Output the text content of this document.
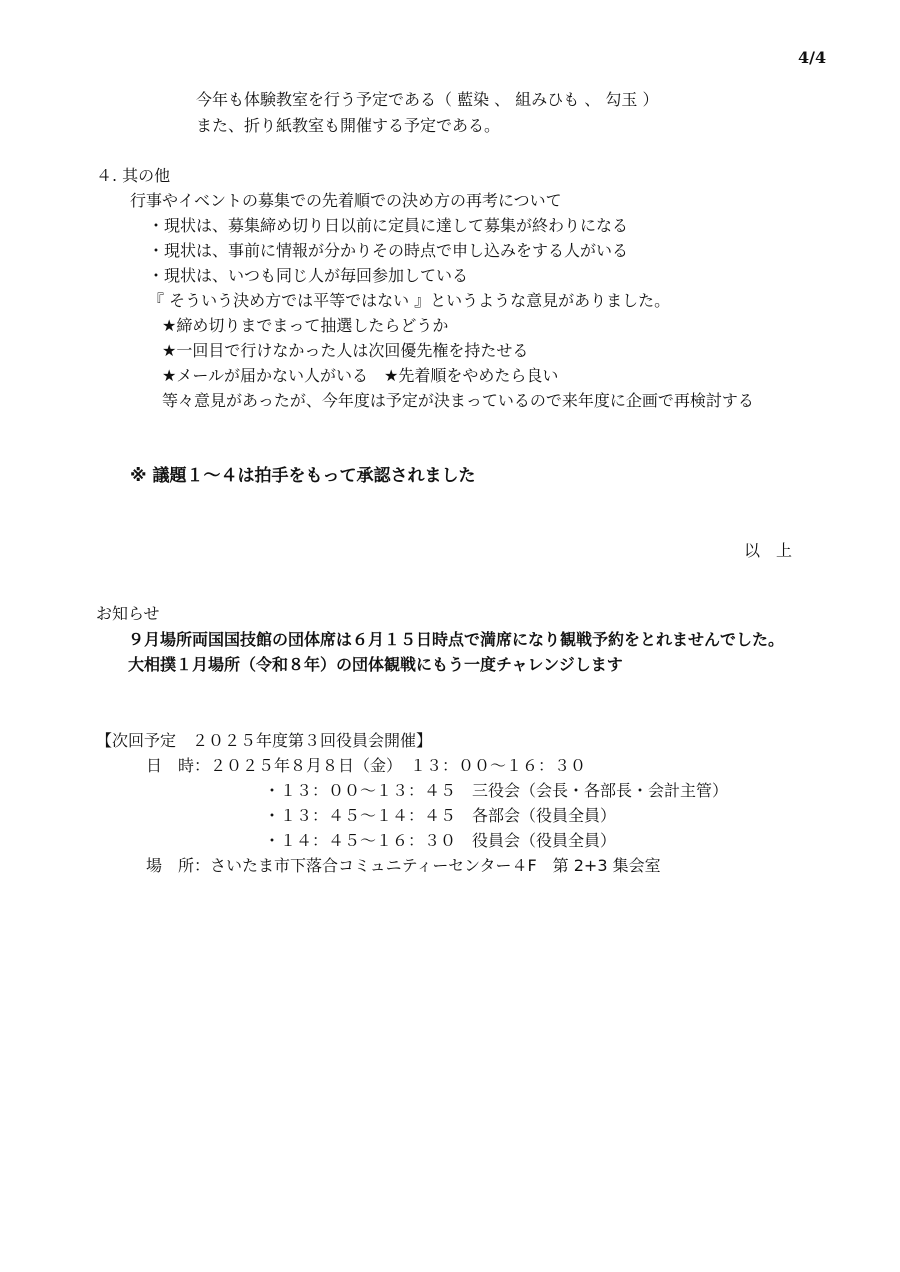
4/4
今年も体験教室を行う予定である（ 藍染 、 組みひも 、 勾玉 ）
また、折り紙教室も開催する予定である。
４. 其の他
行事やイベントの募集での先着順での決め方の再考について
・現状は、募集締め切り日以前に定員に達して募集が終わりになる
・現状は、事前に情報が分かりその時点で申し込みをする人がいる
・現状は、いつも同じ人が毎回参加している
『 そういう決め方では平等ではない 』というような意見がありました。
★締め切りまでまって抽選したらどうか
★一回目で行けなかった人は次回優先権を持たせる
★メールが届かない人がいる　★先着順をやめたら良い
等々意見があったが、今年度は予定が決まっているので来年度に企画で再検討する
※ 議題１～４は拍手をもって承認されました
以　上
お知らせ
９月場所両国国技館の団体席は６月１５日時点で満席になり観戦予約をとれませんでした。
大相撲１月場所（令和８年）の団体観戦にもう一度チャレンジします
【次回予定　２０２５年度第３回役員会開催】
日　時：２０２５年８月８日（金）　１３：００～１６：３０
・１３：００～１３：４５　三役会（会長・各部長・会計主管）
・１３：４５～１４：４５　各部会（役員全員）
・１４：４５～１６：３０　役員会（役員全員）
場　所：さいたま市下落合コミュニティーセンター４F　第 2+3 集会室
